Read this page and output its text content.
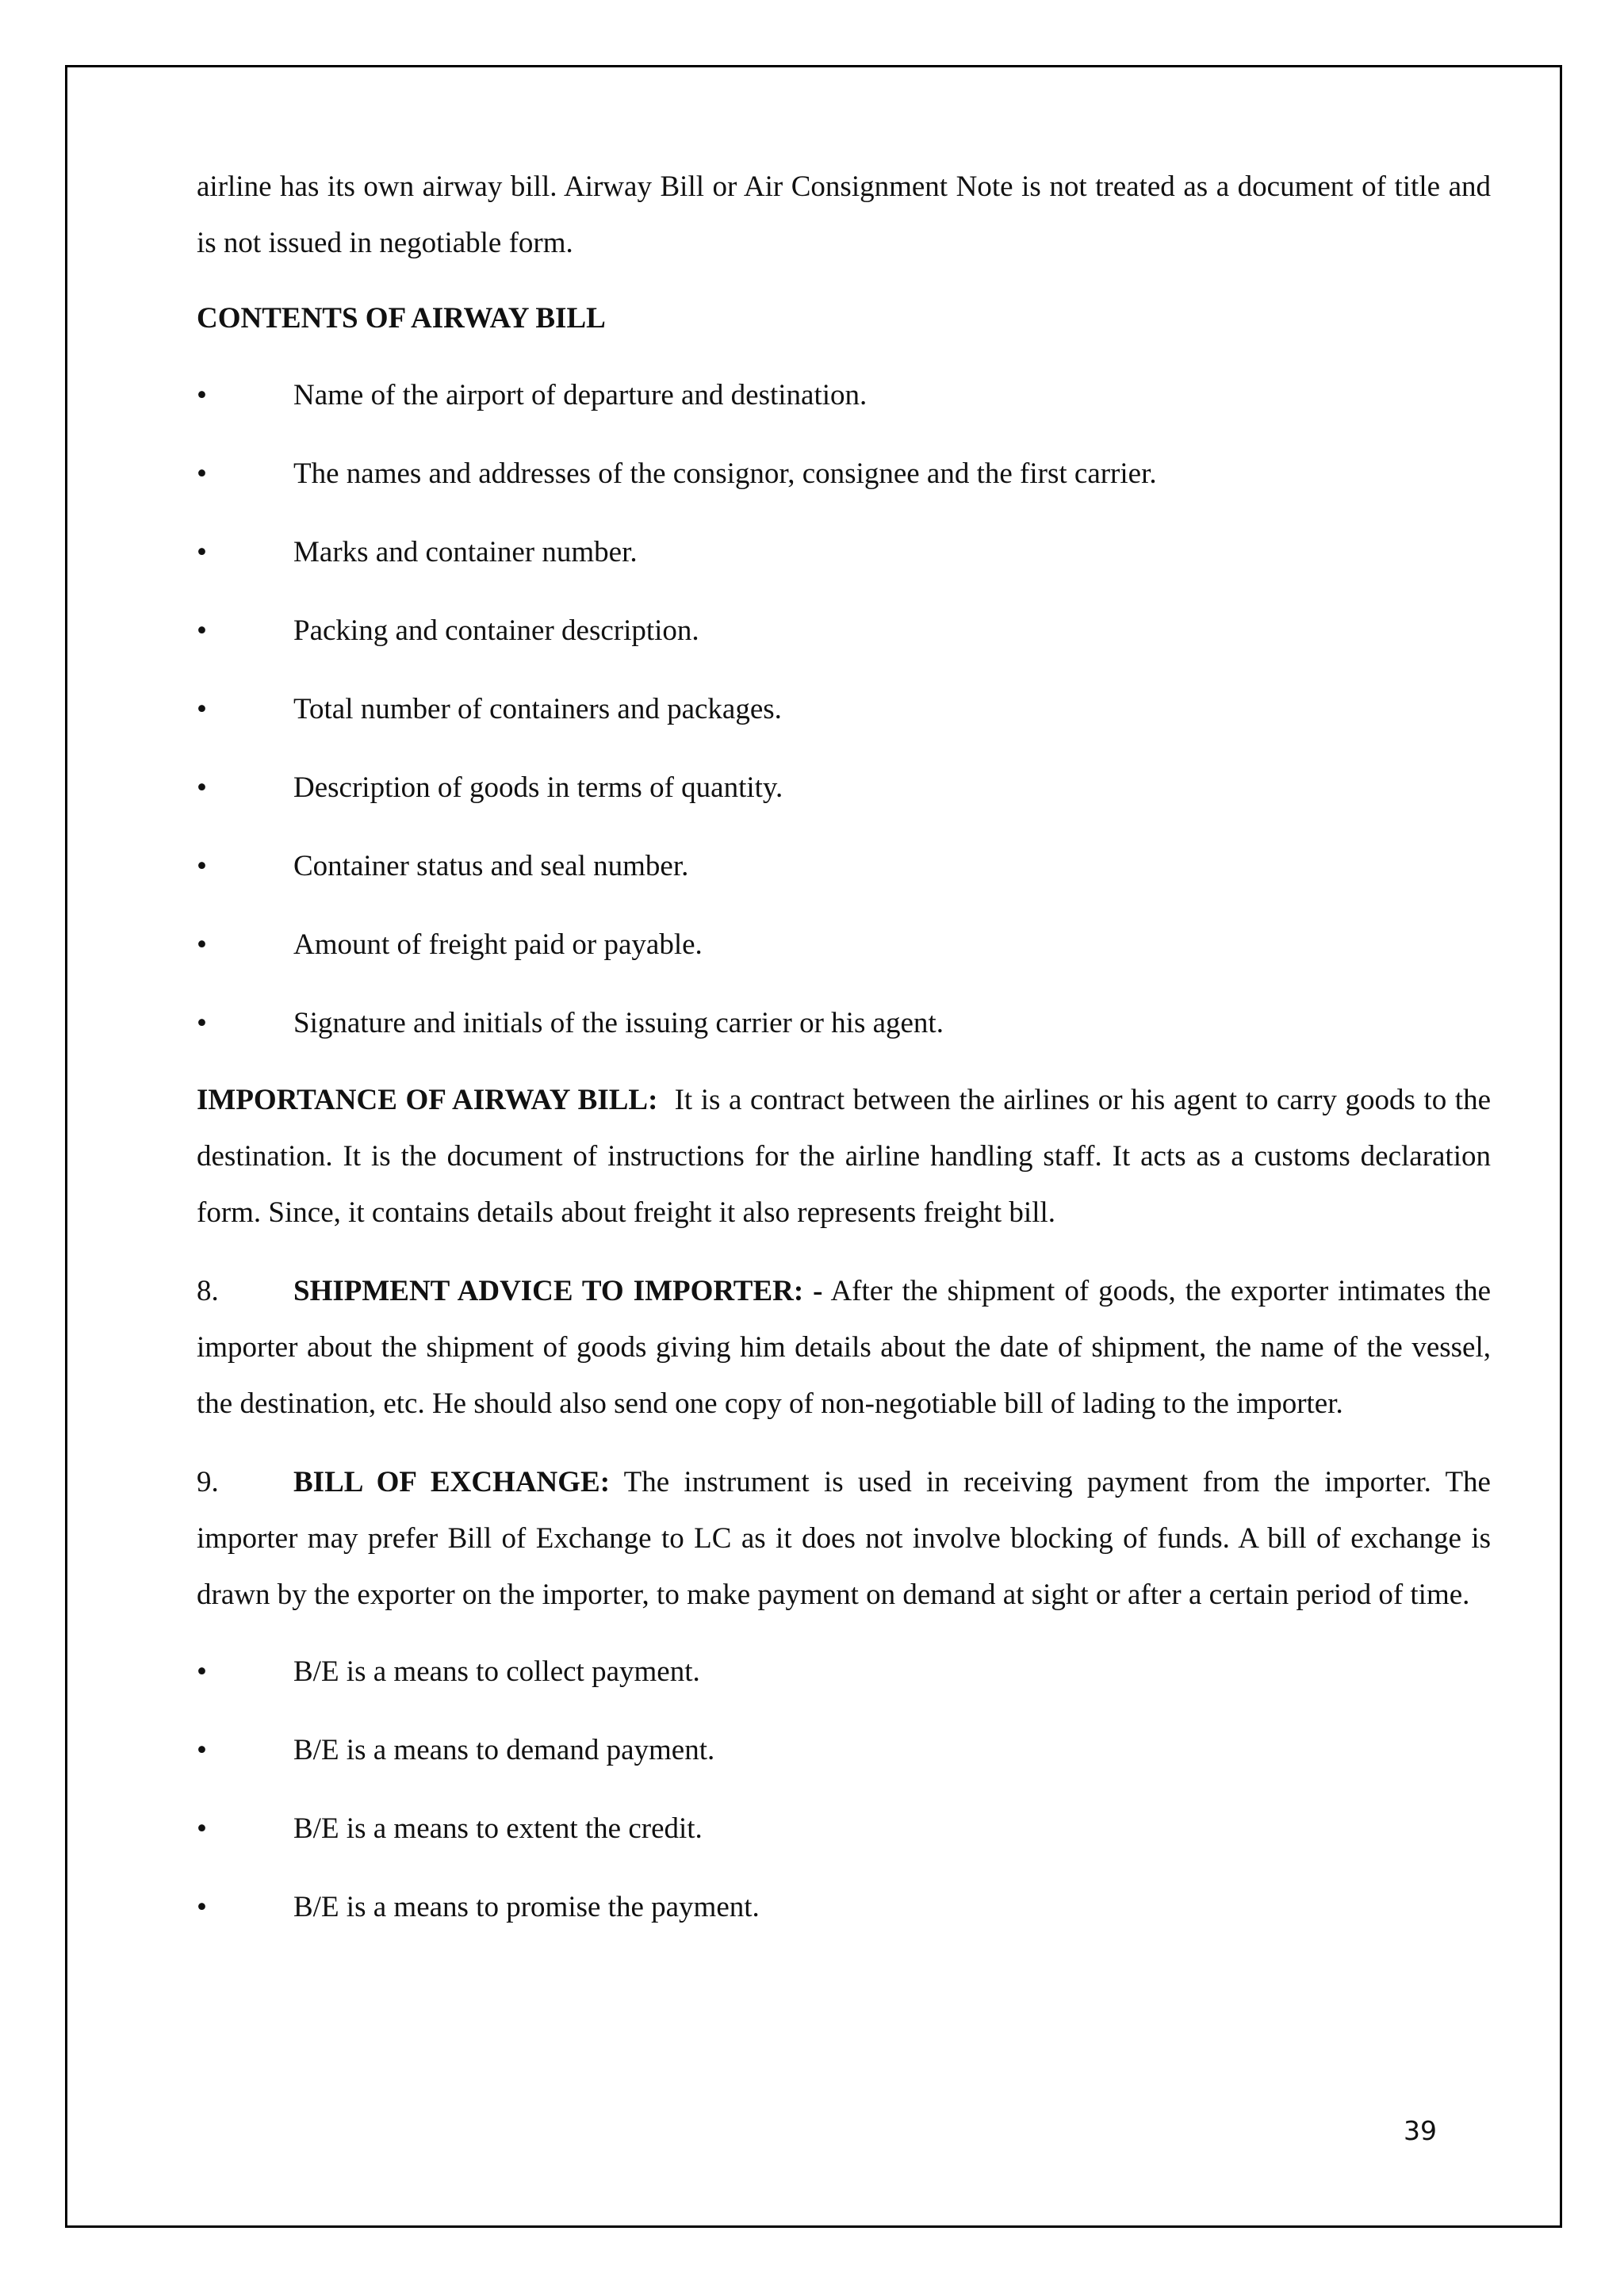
airline has its own airway bill. Airway Bill or Air Consignment Note is not treated as a document of title and is not issued in negotiable form.

CONTENTS OF AIRWAY BILL

•	Name of the airport of departure and destination.
•	The names and addresses of the consignor, consignee and the first carrier.
•	Marks and container number.
•	Packing and container description.
•	Total number of containers and packages.
•	Description of goods in terms of quantity.
•	Container status and seal number.
•	Amount of freight paid or payable.
•	Signature and initials of the issuing carrier or his agent.

IMPORTANCE OF AIRWAY BILL: It is a contract between the airlines or his agent to carry goods to the destination. It is the document of instructions for the airline handling staff. It acts as a customs declaration form. Since, it contains details about freight it also represents freight bill.

8.	SHIPMENT ADVICE TO IMPORTER: - After the shipment of goods, the exporter intimates the importer about the shipment of goods giving him details about the date of shipment, the name of the vessel, the destination, etc. He should also send one copy of non-negotiable bill of lading to the importer.

9.	BILL OF EXCHANGE: The instrument is used in receiving payment from the importer. The importer may prefer Bill of Exchange to LC as it does not involve blocking of funds. A bill of exchange is drawn by the exporter on the importer, to make payment on demand at sight or after a certain period of time.

•	B/E is a means to collect payment.
•	B/E is a means to demand payment.
•	B/E is a means to extent the credit.
•	B/E is a means to promise the payment.
39
